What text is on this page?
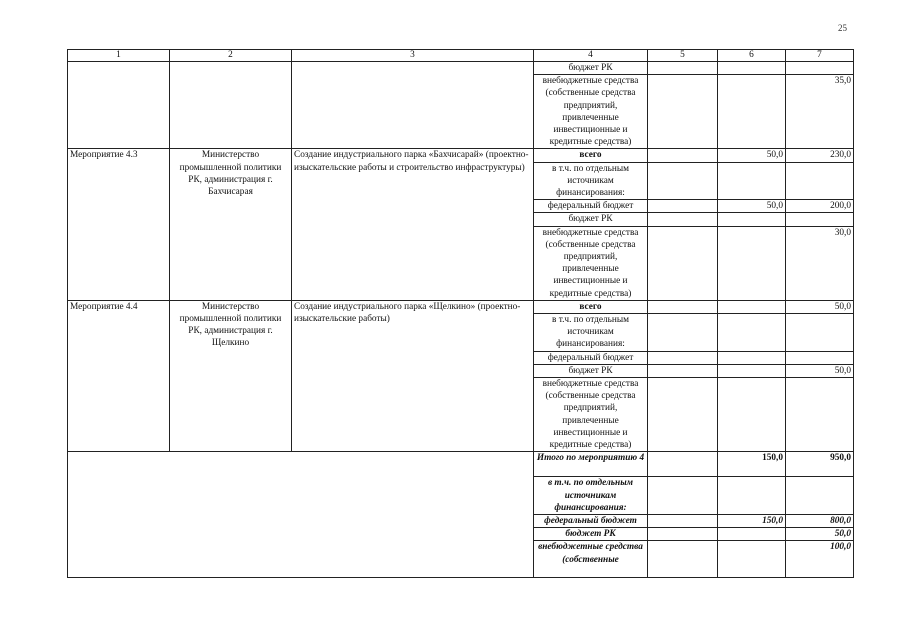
25
1	2	3	4	5	6	7
			бюджет РК			
			внебюджетные средства (собственные средства предприятий, привлеченные инвестиционные и кредитные средства)			35,0
Мероприятие 4.3	Министерство промышленной политики РК, администрация г. Бахчисарая	Создание индустриального парка «Бахчисарай» (проектно-изыскательские работы и строительство инфраструктуры)	всего		50,0	230,0
			в т.ч. по отдельным источникам финансирования:			
			федеральный бюджет		50,0	200,0
			бюджет РК			
			внебюджетные средства (собственные средства предприятий, привлеченные инвестиционные и кредитные средства)			30,0
Мероприятие 4.4	Министерство промышленной политики РК, администрация г. Щелкино	Создание индустриального парка «Щелкино» (проектно-изыскательские работы)	всего			50,0
			в т.ч. по отдельным источникам финансирования:			
			федеральный бюджет			
			бюджет РК			50,0
			внебюджетные средства (собственные средства предприятий, привлеченные инвестиционные и кредитные средства)			
			Итого по мероприятию 4		150,0	950,0
			в т.ч. по отдельным источникам финансирования:			
			федеральный бюджет		150,0	800,0
			бюджет РК			50,0
			внебюджетные средства (собственные			100,0
